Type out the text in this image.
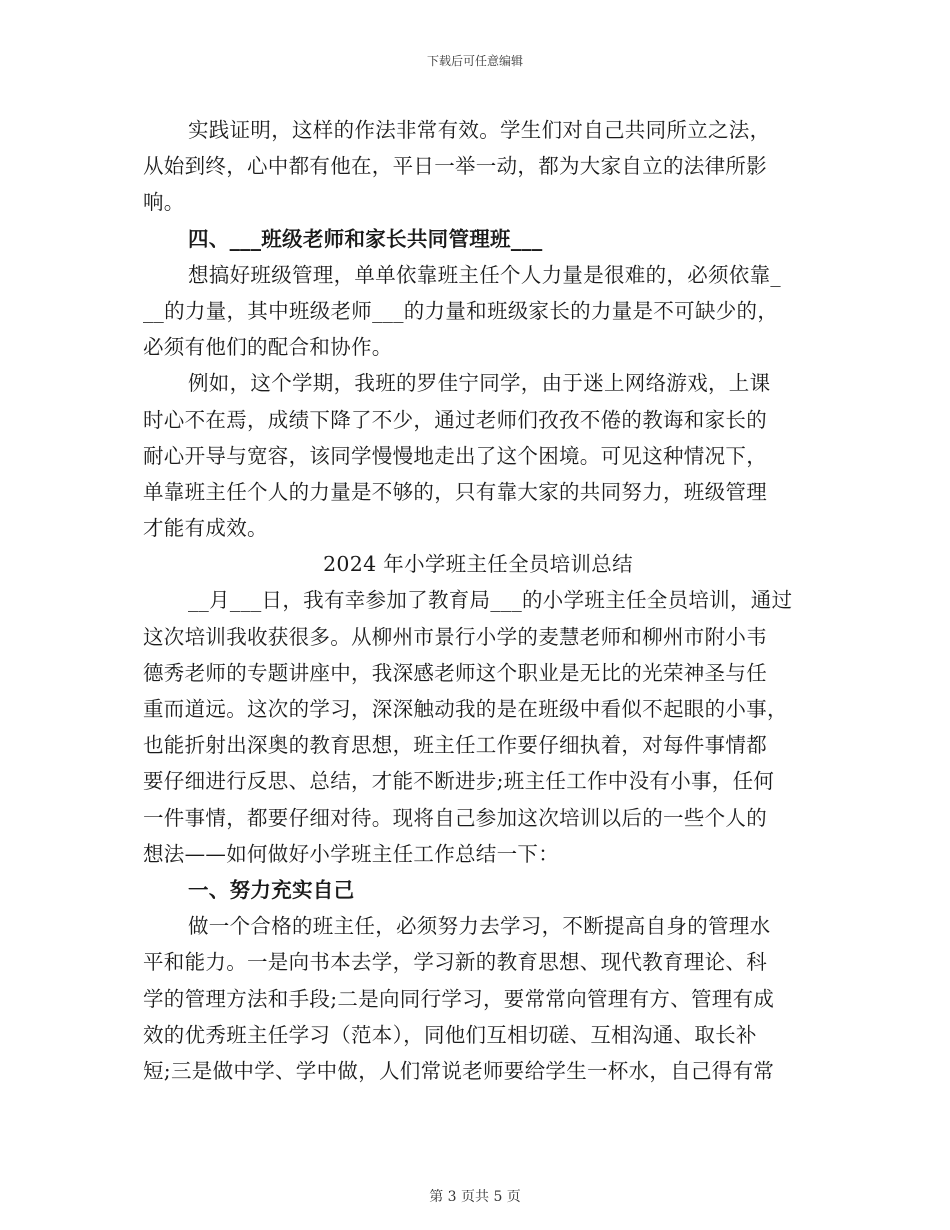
下载后可任意编辑
实践证明，这样的作法非常有效。学生们对自己共同所立之法，
从始到终，心中都有他在，平日一举一动，都为大家自立的法律所影
响。
四、___班级老师和家长共同管理班___
想搞好班级管理，单单依靠班主任个人力量是很难的，必须依靠_
__的力量，其中班级老师___的力量和班级家长的力量是不可缺少的，
必须有他们的配合和协作。
例如，这个学期，我班的罗佳宁同学，由于迷上网络游戏，上课
时心不在焉，成绩下降了不少，通过老师们孜孜不倦的教诲和家长的
耐心开导与宽容，该同学慢慢地走出了这个困境。可见这种情况下，
单靠班主任个人的力量是不够的，只有靠大家的共同努力，班级管理
才能有成效。
2024 年小学班主任全员培训总结
__月___日，我有幸参加了教育局___的小学班主任全员培训，通过
这次培训我收获很多。从柳州市景行小学的麦慧老师和柳州市附小韦
德秀老师的专题讲座中，我深感老师这个职业是无比的光荣神圣与任
重而道远。这次的学习，深深触动我的是在班级中看似不起眼的小事，
也能折射出深奥的教育思想，班主任工作要仔细执着，对每件事情都
要仔细进行反思、总结，才能不断进步;班主任工作中没有小事，任何
一件事情，都要仔细对待。现将自己参加这次培训以后的一些个人的
想法——如何做好小学班主任工作总结一下：
一、努力充实自己
做一个合格的班主任，必须努力去学习，不断提高自身的管理水
平和能力。一是向书本去学，学习新的教育思想、现代教育理论、科
学的管理方法和手段;二是向同行学习，要常常向管理有方、管理有成
效的优秀班主任学习（范本），同他们互相切磋、互相沟通、取长补
短;三是做中学、学中做，人们常说老师要给学生一杯水，自己得有常
第 3 页共 5 页
